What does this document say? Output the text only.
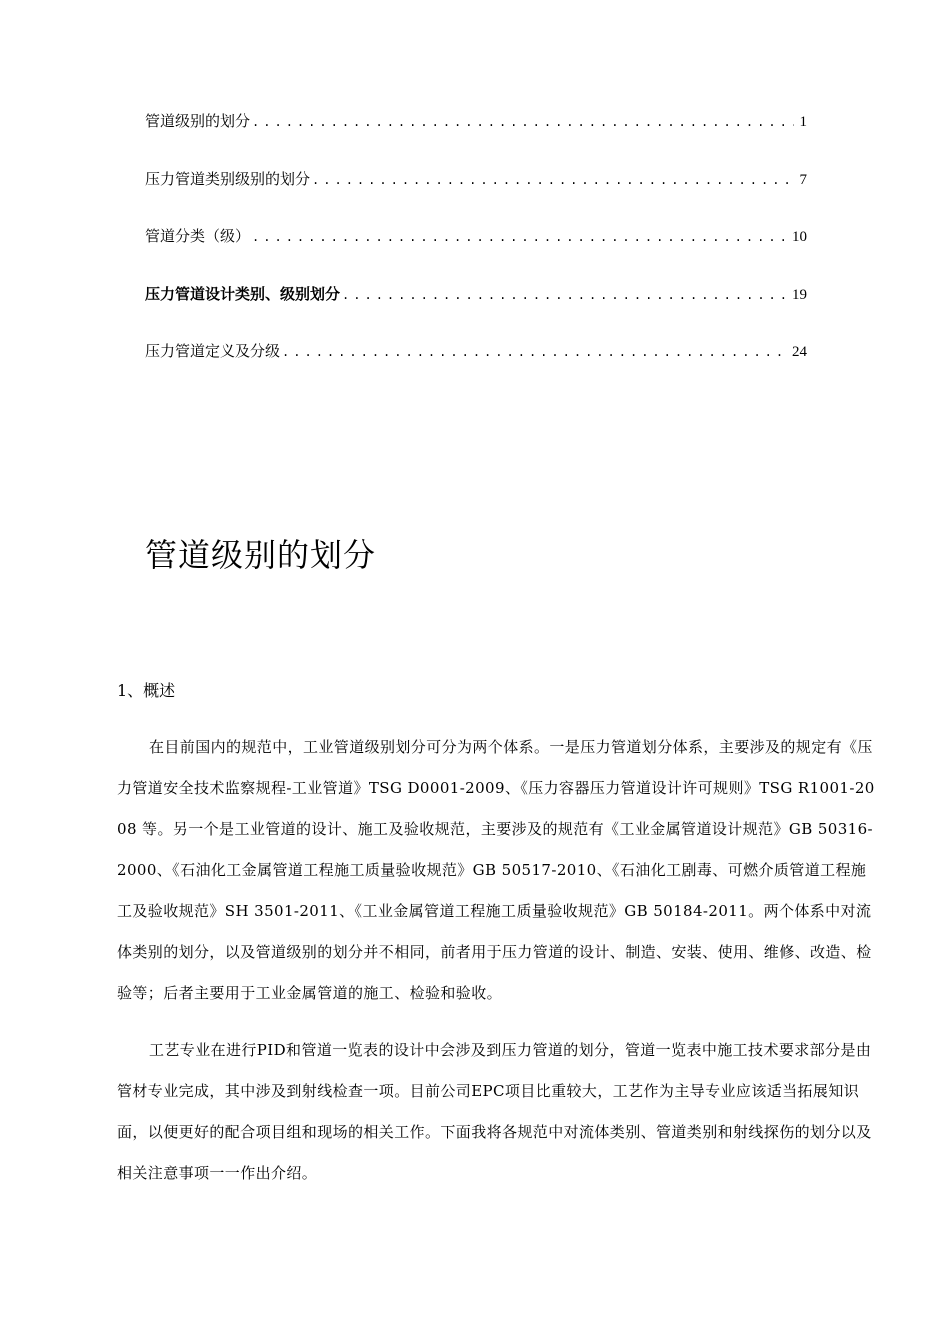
管道级别的划分 .....	1
压力管道类别级别的划分 .....	7
管道分类（级） .....	10
压力管道设计类别、级别划分 .....	19
压力管道定义及分级 .....	24
管道级别的划分
1、概述

在目前国内的规范中，工业管道级别划分可分为两个体系。一是压力管道划分体系，主要涉及的规定有《压力管道安全技术监察规程-工业管道》TSG D0001-2009、《压力容器压力管道设计许可规则》TSG R1001-2008 等。另一个是工业管道的设计、施工及验收规范，主要涉及的规范有《工业金属管道设计规范》GB 50316-2000、《石油化工金属管道工程施工质量验收规范》GB 50517-2010、《石油化工剧毒、可燃介质管道工程施工及验收规范》SH 3501-2011、《工业金属管道工程施工质量验收规范》GB 50184-2011。两个体系中对流体类别的划分，以及管道级别的划分并不相同，前者用于压力管道的设计、制造、安装、使用、维修、改造、检验等；后者主要用于工业金属管道的施工、检验和验收。

工艺专业在进行PID和管道一览表的设计中会涉及到压力管道的划分，管道一览表中施工技术要求部分是由管材专业完成，其中涉及到射线检查一项。目前公司EPC项目比重较大，工艺作为主导专业应该适当拓展知识面，以便更好的配合项目组和现场的相关工作。下面我将各规范中对流体类别、管道类别和射线探伤的划分以及相关注意事项一一作出介绍。
